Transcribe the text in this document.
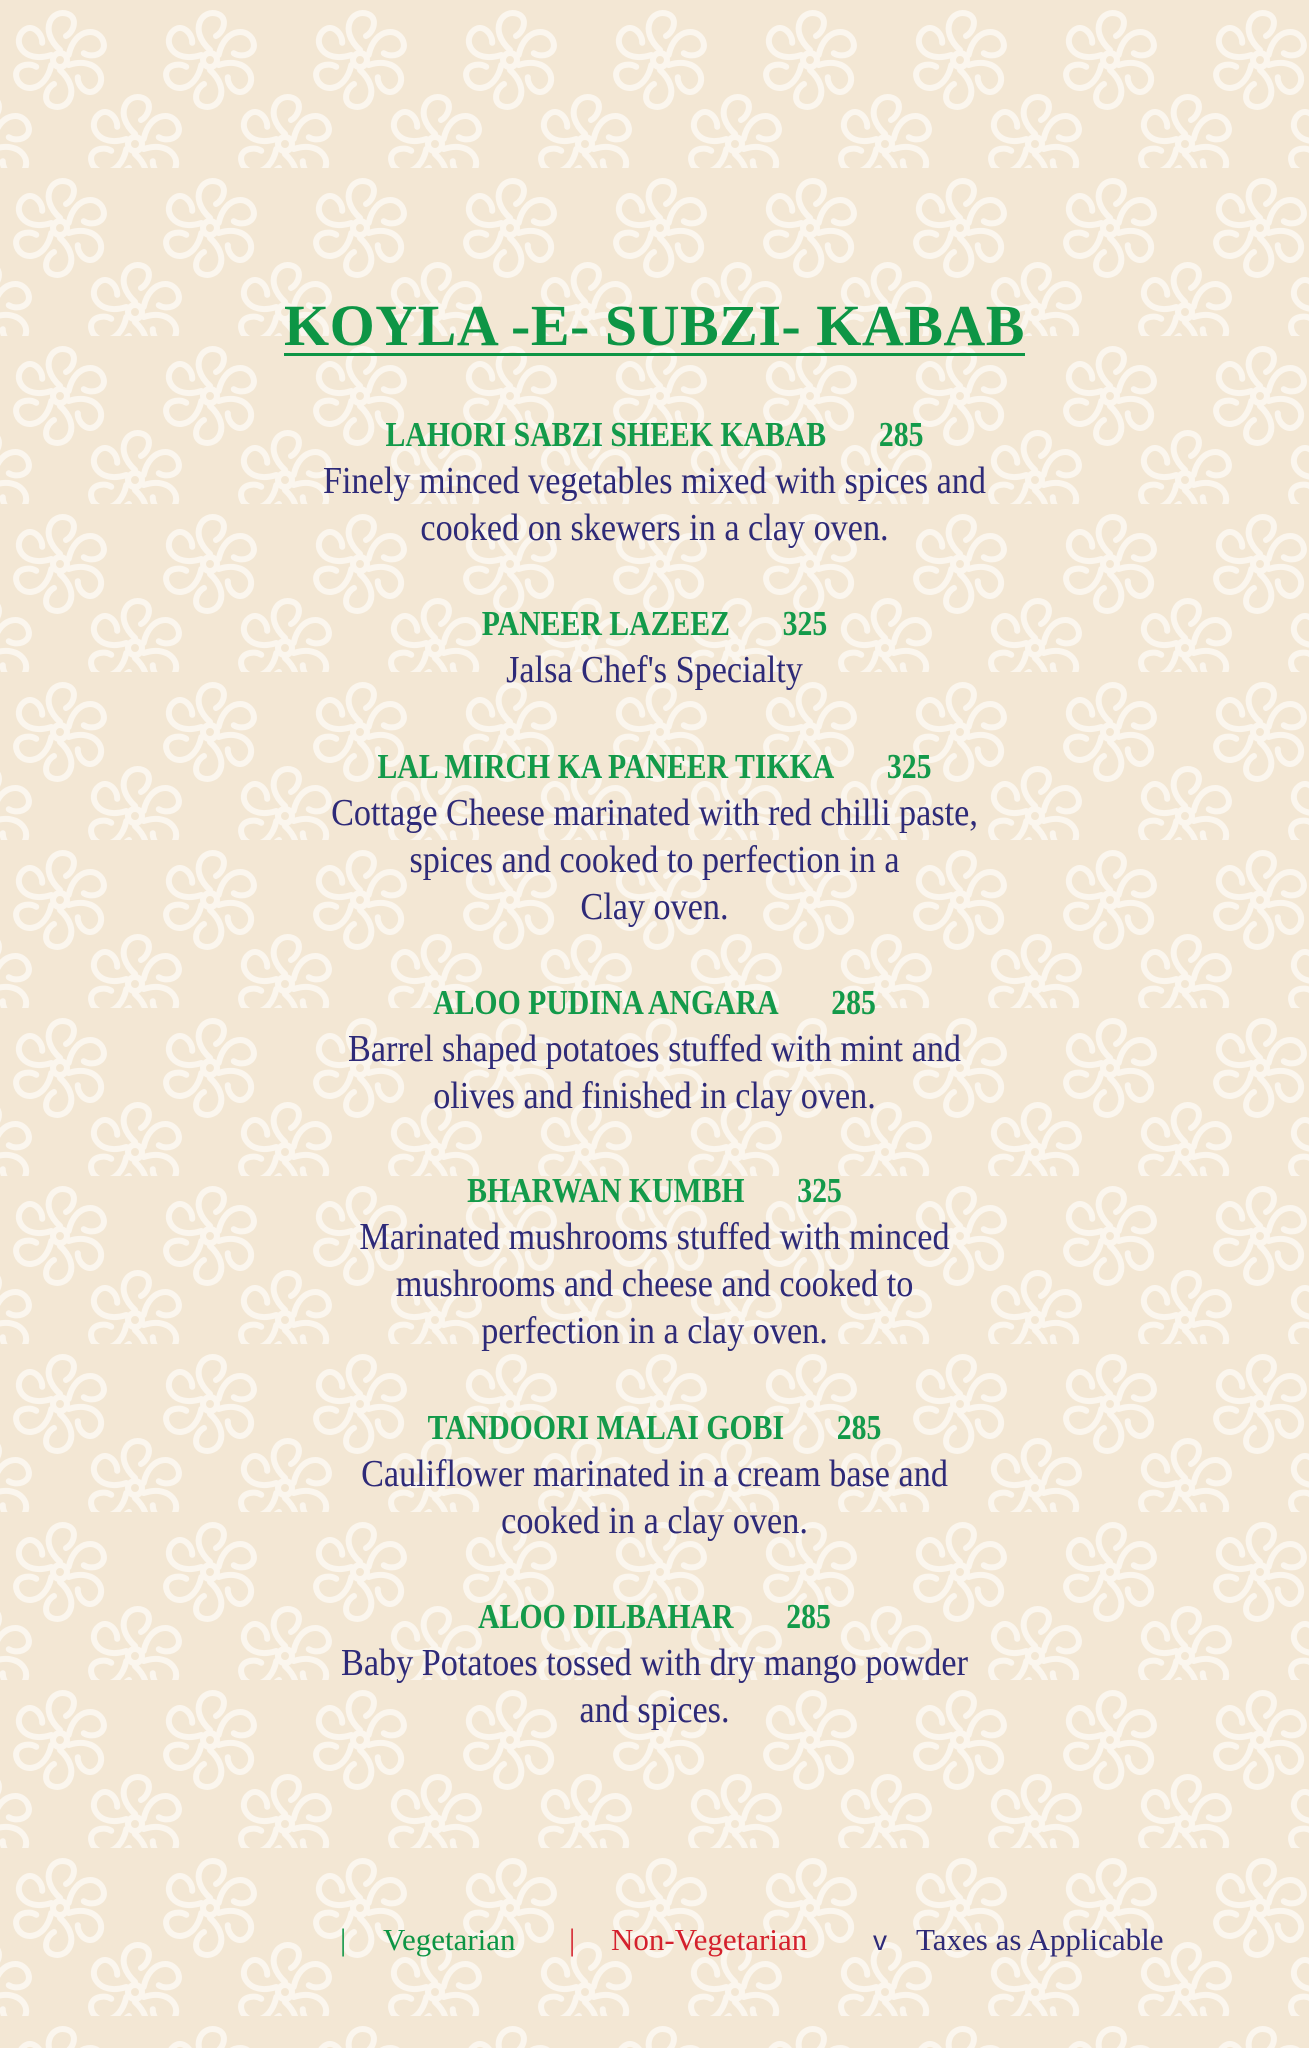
KOYLA -E- SUBZI- KABAB
LAHORI SABZI SHEEK KABAB 285
Finely minced vegetables mixed with spices and
cooked on skewers in a clay oven.
PANEER LAZEEZ 325
Jalsa Chef's Specialty
LAL MIRCH KA PANEER TIKKA 325
Cottage Cheese marinated with red chilli paste,
spices and cooked to perfection in a
Clay oven.
ALOO PUDINA ANGARA 285
Barrel shaped potatoes stuffed with mint and
olives and finished in clay oven.
BHARWAN KUMBH 325
Marinated mushrooms stuffed with minced
mushrooms and cheese and cooked to
perfection in a clay oven.
TANDOORI MALAI GOBI 285
Cauliflower marinated in a cream base and
cooked in a clay oven.
ALOO DILBAHAR 285
Baby Potatoes tossed with dry mango powder
and spices.
| Vegetarian | Non-Vegetarian v Taxes as Applicable
